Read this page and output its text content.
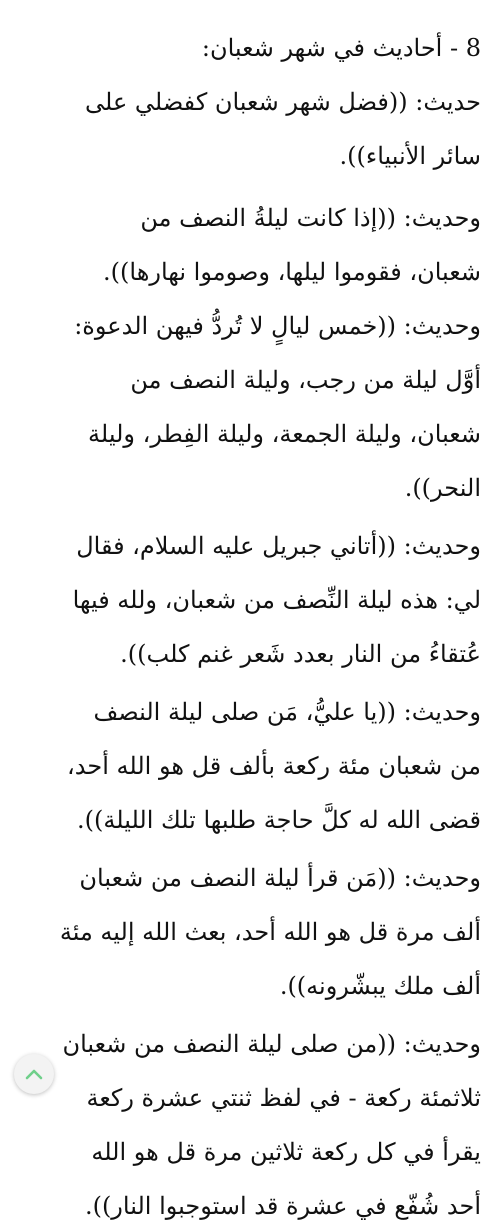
8 - أحاديث في شهر شعبان:
حديث: ((فضل شهر شعبان كفضلي على
سائر الأنبياء)).
وحديث: ((إذا كانت ليلةُ النصف من
شعبان، فقوموا ليلها، وصوموا نهارها)).
وحديث: ((خمس ليالٍ لا تُردُّ فيهن الدعوة:
أوَّل ليلة من رجب، وليلة النصف من
شعبان، وليلة الجمعة، وليلة الفِطر، وليلة
النحر)).
وحديث: ((أتاني جبريل عليه السلام، فقال
لي: هذه ليلة النِّصف من شعبان، ولله فيها
عُتقاءُ من النار بعدد شَعر غنم كلب)).
وحديث: ((يا عليُّ، مَن صلى ليلة النصف
من شعبان مئة ركعة بألف قل هو الله أحد،
قضى الله له كلَّ حاجة طلبها تلك الليلة)).
وحديث: ((مَن قرأ ليلة النصف من شعبان
ألف مرة قل هو الله أحد، بعث الله إليه مئة
ألف ملك يبشّرونه)).
وحديث: ((من صلى ليلة النصف من شعبان
ثلاثمئة ركعة - في لفظ ثنتي عشرة ركعة
يقرأ في كل ركعة ثلاثين مرة قل هو الله
أحد شُفّع في عشرة قد استوجبوا النار)).
